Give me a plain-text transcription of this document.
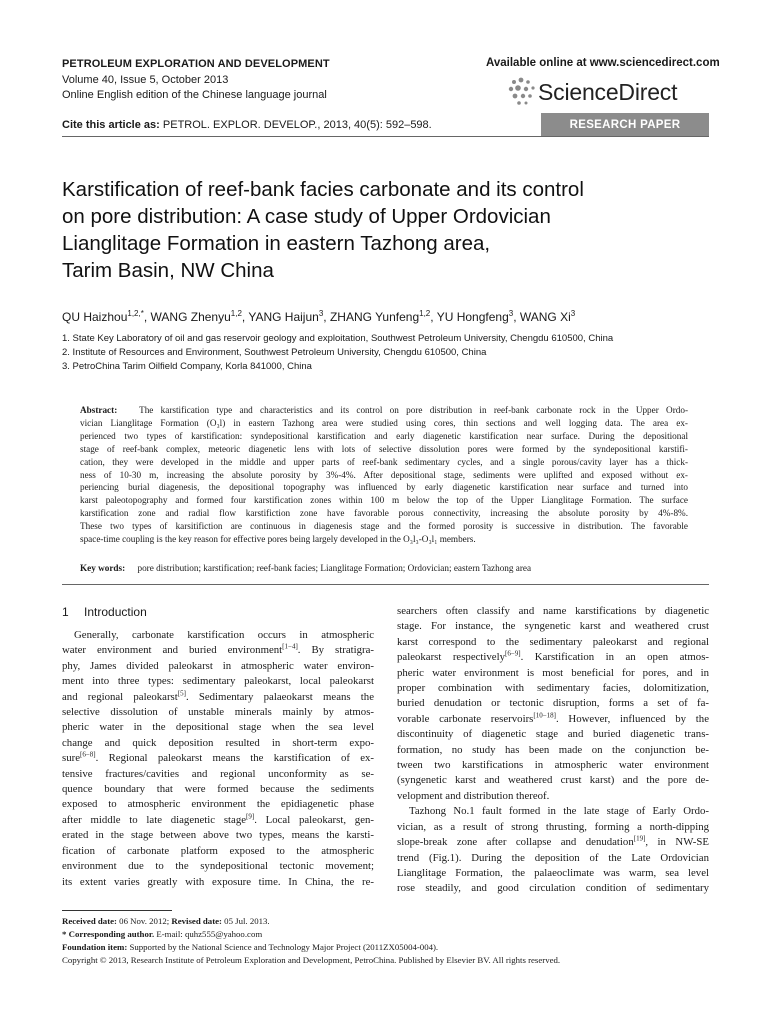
PETROLEUM EXPLORATION AND DEVELOPMENT
Volume 40, Issue 5, October 2013
Online English edition of the Chinese language journal
Available online at www.sciencedirect.com
ScienceDirect
Cite this article as: PETROL. EXPLOR. DEVELOP., 2013, 40(5): 592–598.	RESEARCH PAPER
Karstification of reef-bank facies carbonate and its control
on pore distribution: A case study of Upper Ordovician
Lianglitage Formation in eastern Tazhong area,
Tarim Basin, NW China
QU Haizhou$^{1,2,*}$, WANG Zhenyu$^{1,2}$, YANG Haijun$^3$, ZHANG Yunfeng$^{1,2}$, YU Hongfeng$^3$, WANG Xi$^3$
1. State Key Laboratory of oil and gas reservoir geology and exploitation, Southwest Petroleum University, Chengdu 610500, China
2. Institute of Resources and Environment, Southwest Petroleum University, Chengdu 610500, China
3. PetroChina Tarim Oilfield Company, Korla 841000, China
Abstract:   The karstification type and characteristics and its control on pore distribution in reef-bank carbonate rock in the Upper Ordo-
vician Lianglitage Formation (O₃l) in eastern Tazhong area were studied using cores, thin sections and well logging data. The area ex-
perienced two types of karstification: syndepositional karstification and early diagenetic karstification near surface. During the depositional
stage of reef-bank complex, meteoric diagenetic lens with lots of selective dissolution pores were formed by the syndepositional karstifi-
cation, they were developed in the middle and upper parts of reef-bank sedimentary cycles, and a single porous/cavity layer has a thick-
ness of 10-30 m, increasing the absolute porosity by 3%-4%. After depositional stage, sediments were uplifted and exposed without ex-
periencing burial diagenesis, the depositional topography was influenced by early diagenetic karstification near surface and turned into
karst paleotopography and formed four karstification zones within 100 m below the top of the Upper Lianglitage Formation. The surface
karstification zone and radial flow karstifiction zone have favorable porous connectivity, increasing the absolute porosity by 4%-8%.
These two types of karsitifiction are continuous in diagenesis stage and the formed porosity is successive in distribution. The favorable
space-time coupling is the key reason for effective pores being largely developed in the O₃l₃-O₃l₁ members.
Key words: pore distribution; karstification; reef-bank facies; Lianglitage Formation; Ordovician; eastern Tazhong area
1 Introduction
Generally, carbonate karstification occurs in atmospheric
water environment and buried environment[1−4]. By stratigra-
phy, James divided paleokarst in atmospheric water environ-
ment into three types: sedimentary paleokarst, local paleokarst
and regional paleokarst[5]. Sedimentary palaeokarst means the
selective dissolution of unstable minerals mainly by atmos-
pheric water in the depositional stage when the sea level
change and quick deposition resulted in short-term expo-
sure[6−8]. Regional paleokarst means the karstification of ex-
tensive fractures/cavities and regional unconformity as se-
quence boundary that were formed because the sediments
exposed to atmospheric environment the epidiagenetic phase
after middle to late diagenetic stage[9]. Local paleokarst, gen-
erated in the stage between above two types, means the karsti-
fication of carbonate platform exposed to the atmospheric
environment due to the syndepositional tectonic movement;
its extent varies greatly with exposure time. In China, the re-
searchers often classify and name karstifications by diagenetic
stage. For instance, the syngenetic karst and weathered crust
karst correspond to the sedimentary paleokarst and regional
paleokarst respectively[6−9]. Karstification in an open atmos-
pheric water environment is most beneficial for pores, and in
proper combination with sedimentary facies, dolomitization,
buried denudation or tectonic disruption, forms a set of fa-
vorable carbonate reservoirs[10−18]. However, influenced by the
discontinuity of diagenetic stage and buried diagenetic trans-
formation, no study has been made on the conjunction be-
tween two karstifications in atmospheric water environment
(syngenetic karst and weathered crust karst) and the pore de-
velopment and distribution thereof.
Tazhong No.1 fault formed in the late stage of Early Ordo-
vician, as a result of strong thrusting, forming a north-dipping
slope-break zone after collapse and denudation[19], in NW-SE
trend (Fig.1). During the deposition of the Late Ordovician
Lianglitage Formation, the palaeoclimate was warm, sea level
rose steadily, and good circulation condition of sedimentary
Received date: 06 Nov. 2012; Revised date: 05 Jul. 2013.
* Corresponding author. E-mail: quhz555@yahoo.com
Foundation item: Supported by the National Science and Technology Major Project (2011ZX05004-004).
Copyright © 2013, Research Institute of Petroleum Exploration and Development, PetroChina. Published by Elsevier BV. All rights reserved.
